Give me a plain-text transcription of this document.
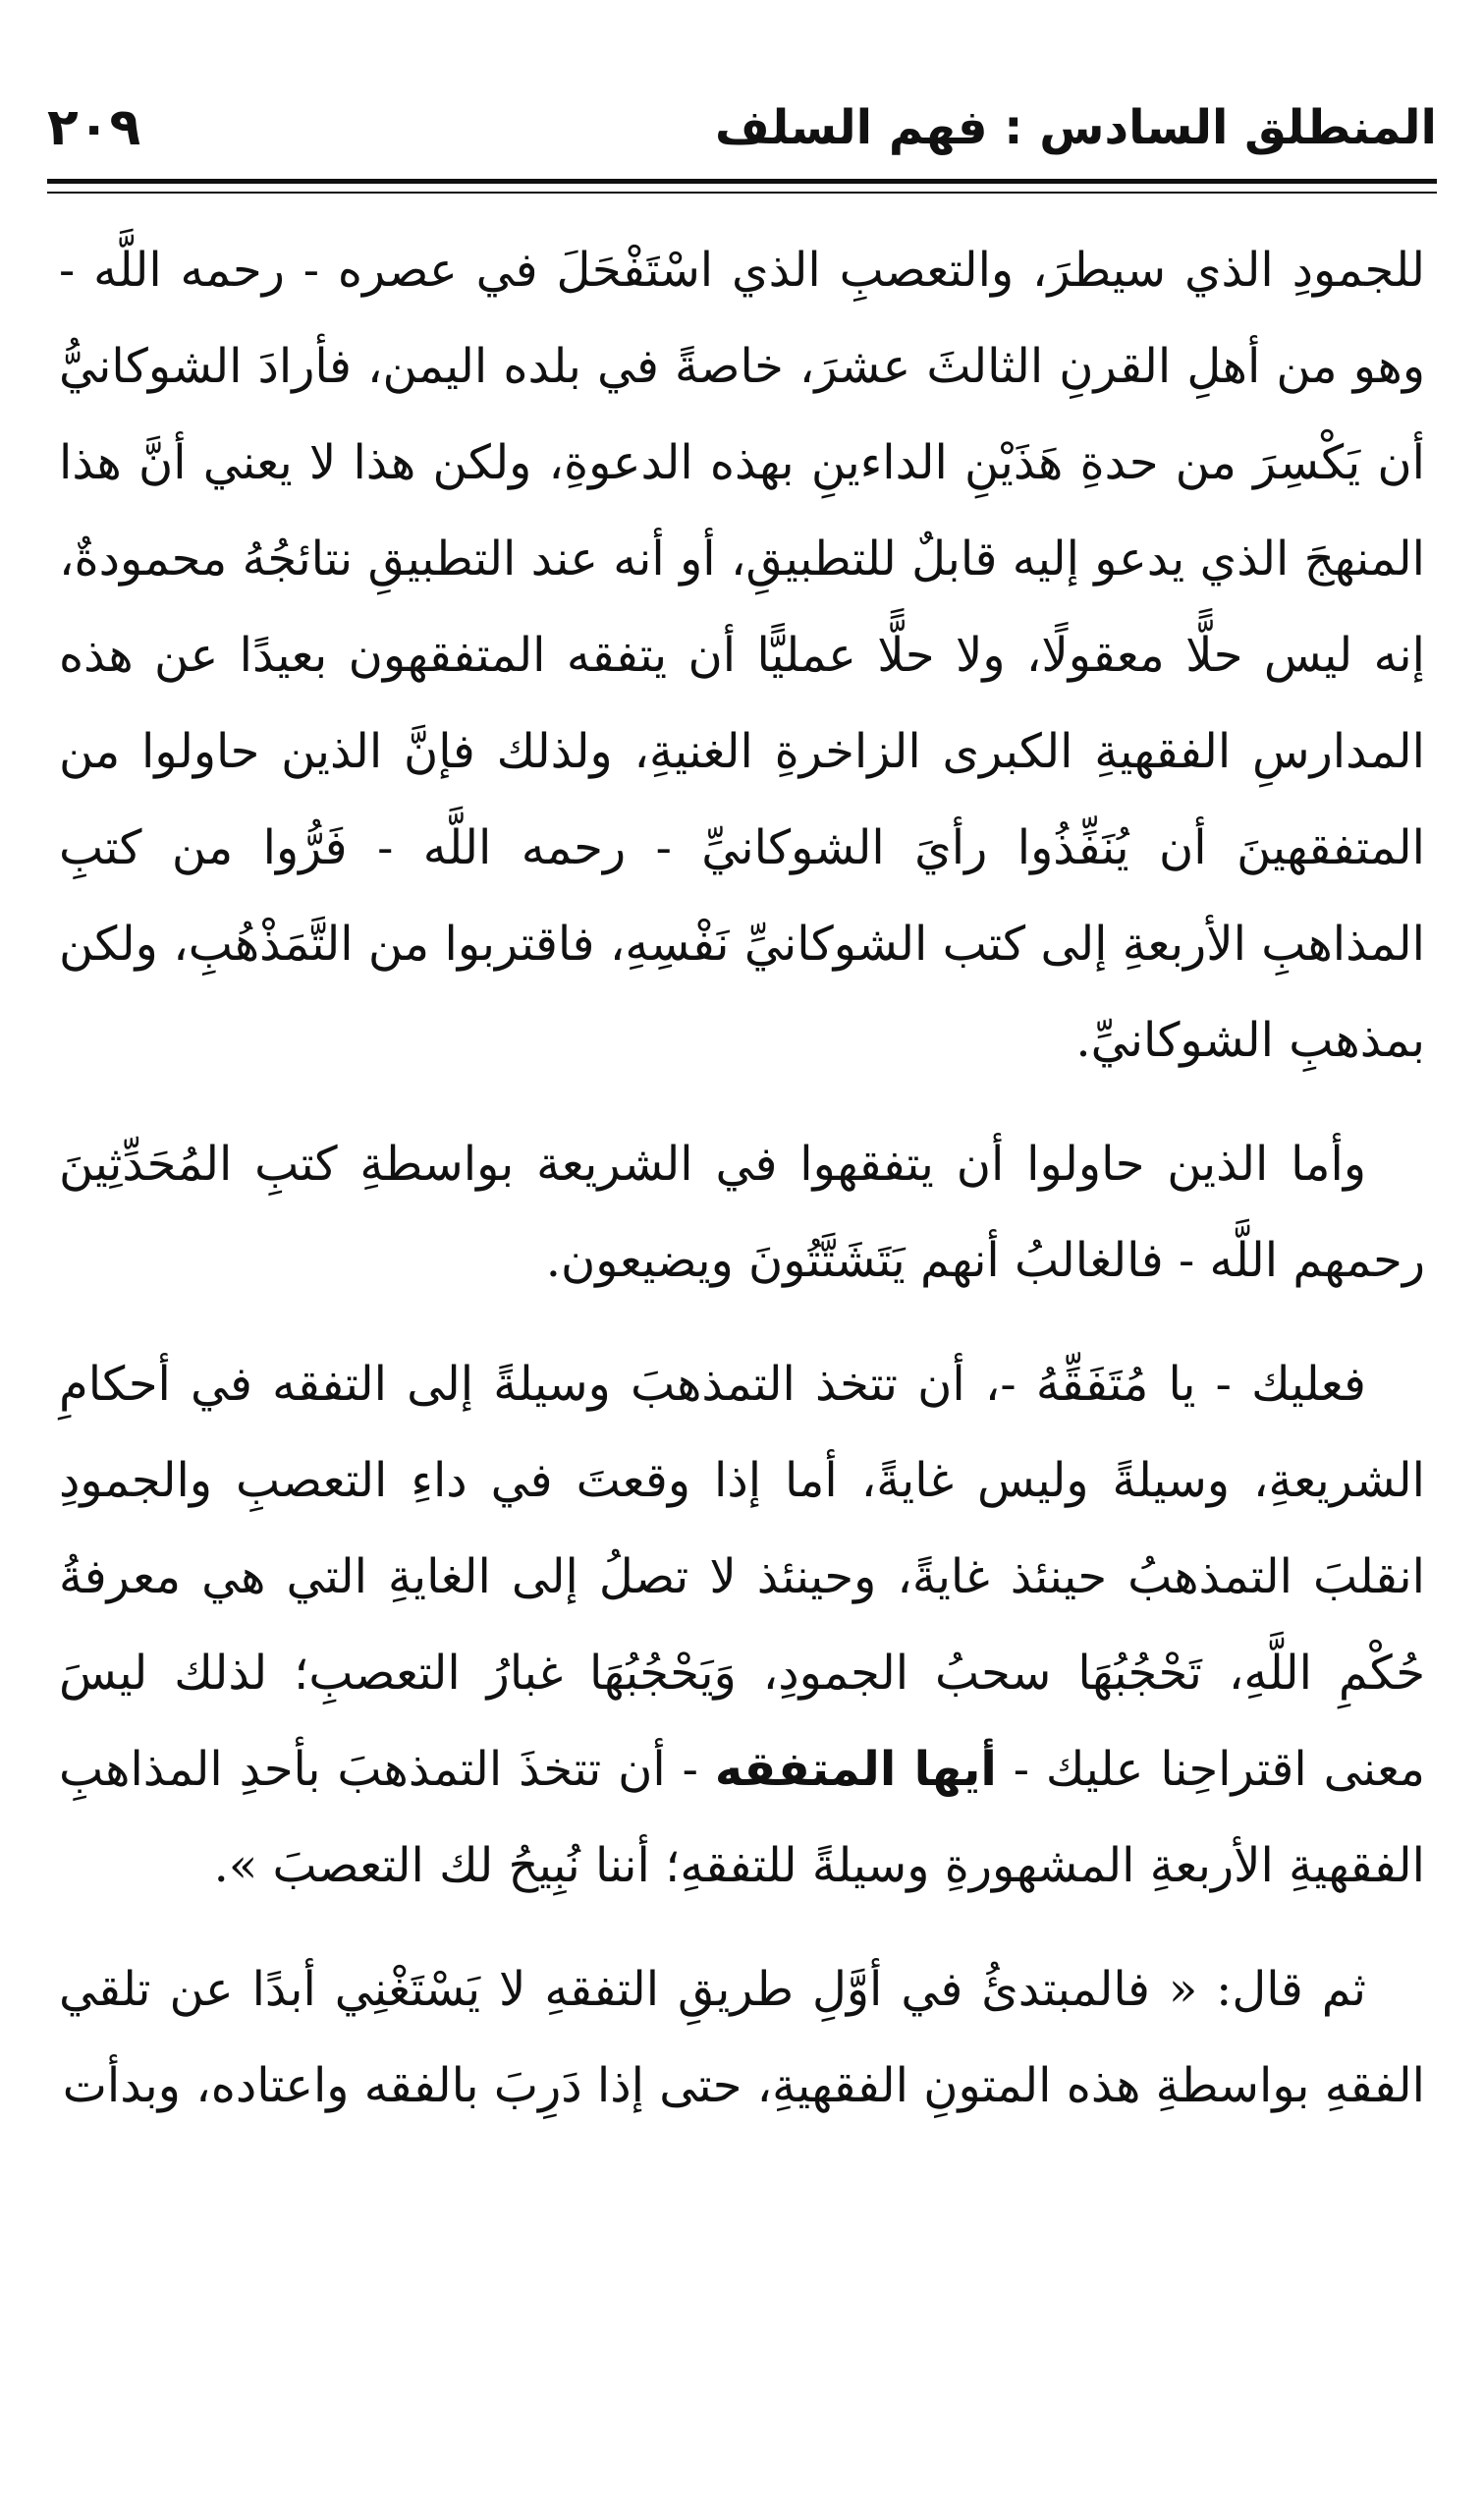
٢٠٩	المنطلق السادس : فهم السلف

للجمودِ الذي سيطرَ، والتعصبِ الذي اسْتَفْحَلَ في عصره - رحمه اللَّه - وهو من أهلِ القرنِ الثالثَ عشرَ، خاصةً في بلده اليمن، فأرادَ الشوكانيُّ أن يَكْسِرَ من حدةِ هَذَيْنِ الداءينِ بهذه الدعوةِ، ولكن هذا لا يعني أنَّ هذا المنهجَ الذي يدعو إليه قابلٌ للتطبيقِ، أو أنه عند التطبيقِ نتائجُهُ محمودةٌ، إنه ليس حلًّا معقولًا، ولا حلًّا عمليًّا أن يتفقه المتفقهون بعيدًا عن هذه المدارسِ الفقهيةِ الكبرى الزاخرةِ الغنيةِ، ولذلك فإنَّ الذين حاولوا من المتفقهينَ أن يُنَفِّذُوا رأيَ الشوكانيِّ - رحمه اللَّه - فَرُّوا من كتبِ المذاهبِ الأربعةِ إلى كتب الشوكانيِّ نَفْسِهِ، فاقتربوا من التَّمَذْهُبِ، ولكن بمذهبِ الشوكانيِّ.

وأما الذين حاولوا أن يتفقهوا في الشريعة بواسطةِ كتبِ المُحَدِّثِينَ رحمهم اللَّه - فالغالبُ أنهم يَتَشَتَّتُونَ ويضيعون.

فعليك - يا مُتَفَقِّهُ -، أن تتخذ التمذهبَ وسيلةً إلى التفقه في أحكامِ الشريعةِ، وسيلةً وليس غايةً، أما إذا وقعتَ في داءِ التعصبِ والجمودِ انقلبَ التمذهبُ حينئذ غايةً، وحينئذ لا تصلُ إلى الغايةِ التي هي معرفةُ حُكْمِ اللَّهِ، تَحْجُبُهَا سحبُ الجمودِ، وَيَحْجُبُهَا غبارُ التعصبِ؛ لذلك ليسَ معنى اقتراحِنا عليك - أيها المتفقه - أن تتخذَ التمذهبَ بأحدِ المذاهبِ الفقهيةِ الأربعةِ المشهورةِ وسيلةً للتفقهِ؛ أننا نُبِيحُ لك التعصبَ ».

ثم قال: « فالمبتدئُ في أوَّلِ طريقِ التفقهِ لا يَسْتَغْنِي أبدًا عن تلقي الفقهِ بواسطةِ هذه المتونِ الفقهيةِ، حتى إذا دَرِبَ بالفقه واعتاده، وبدأت
